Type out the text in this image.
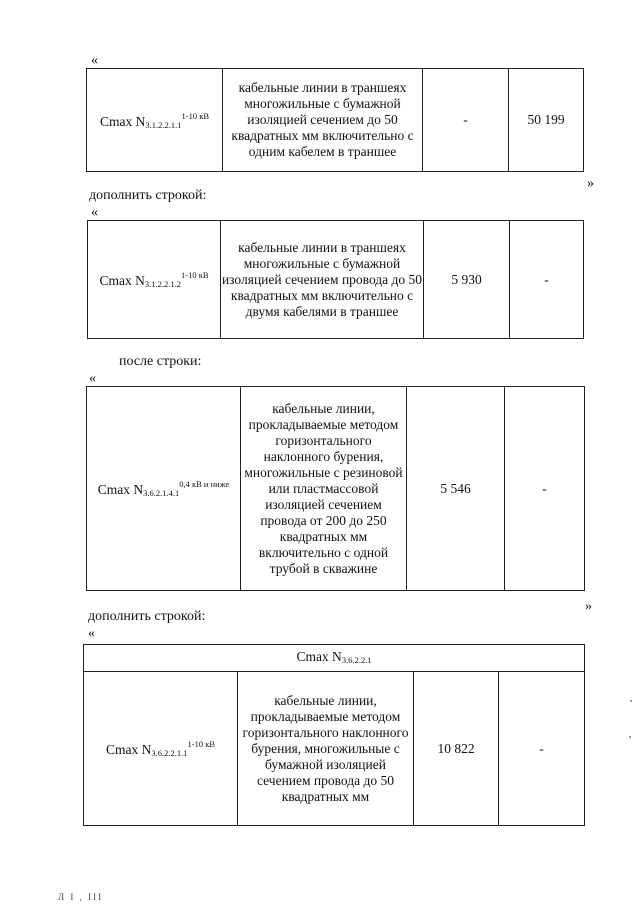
«
Cmax $N_{3.1.2.2.1.1}^{1-10 кВ}$	кабельные линии в траншеях многожильные с бумажной изоляцией сечением до 50 квадратных мм включительно с одним кабелем в траншее	-	50 199
»
дополнить строкой:
«
Cmax $N_{3.1.2.2.1.2}^{1-10 кВ}$	кабельные линии в траншеях многожильные с бумажной изоляцией сечением провода до 50 квадратных мм включительно с двумя кабелями в траншее	5 930	-
после строки:
«
Cmax $N_{3.6.2.1.4.1}^{0,4 кВ и ниже}$	кабельные линии, прокладываемые методом горизонтального наклонного бурения, многожильные с резиновой или пластмассовой изоляцией сечением провода от 200 до 250 квадратных мм включительно с одной трубой в скважине	5 546	-
»
дополнить строкой:
«
Cmax $N_{3.6.2.2.1}$
Cmax $N_{3.6.2.2.1.1}^{1-10 кВ}$	кабельные линии, прокладываемые методом горизонтального наклонного бурения, многожильные с бумажной изоляцией сечением провода до 50 квадратных мм	10 822	-
Л І , ІІІ
